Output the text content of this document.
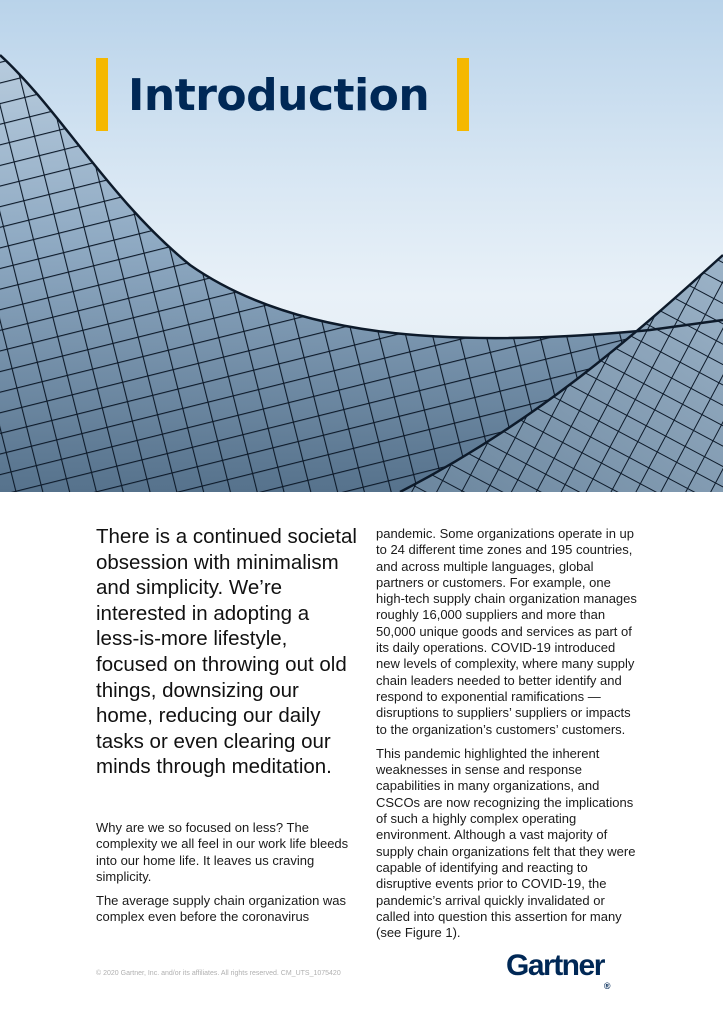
Introduction

There is a continued societal obsession with minimalism and simplicity. We’re interested in adopting a less-is-more lifestyle, focused on throwing out old things, downsizing our home, reducing our daily tasks or even clearing our minds through meditation.

Why are we so focused on less? The complexity we all feel in our work life bleeds into our home life. It leaves us craving simplicity.

The average supply chain organization was complex even before the coronavirus

pandemic. Some organizations operate in up to 24 different time zones and 195 countries, and across multiple languages, global partners or customers. For example, one high-tech supply chain organization manages roughly 16,000 suppliers and more than 50,000 unique goods and services as part of its daily operations. COVID-19 introduced new levels of complexity, where many supply chain leaders needed to better identify and respond to exponential ramifications — disruptions to suppliers’ suppliers or impacts to the organization’s customers’ customers.

This pandemic highlighted the inherent weaknesses in sense and response capabilities in many organizations, and CSCOs are now recognizing the implications of such a highly complex operating environment. Although a vast majority of supply chain organizations felt that they were capable of identifying and reacting to disruptive events prior to COVID-19, the pandemic’s arrival quickly invalidated or called into question this assertion for many (see Figure 1).

© 2020 Gartner, Inc. and/or its affiliates. All rights reserved. CM_UTS_1075420	Gartner®
